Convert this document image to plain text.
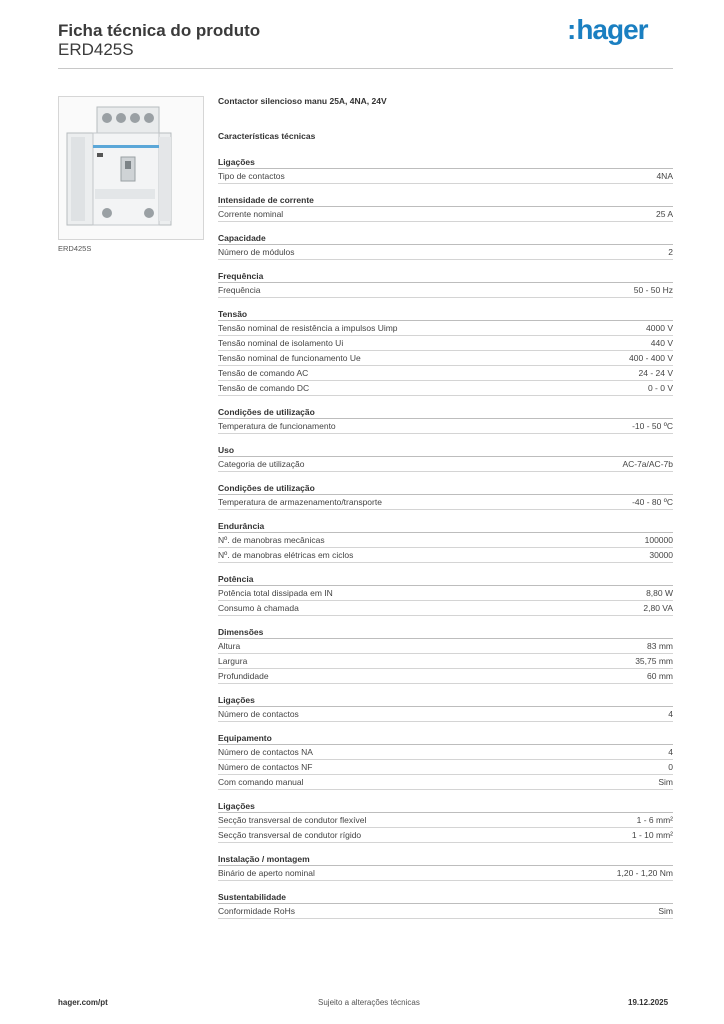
Ficha técnica do produto
ERD425S
:hager
ERD425S
Contactor silencioso manu 25A, 4NA, 24V
Características técnicas
Ligações
Tipo de contactos	4NA
Intensidade de corrente
Corrente nominal	25 A
Capacidade
Número de módulos	2
Frequência
Frequência	50 - 50 Hz
Tensão
Tensão nominal de resistência a impulsos Uimp	4000 V
Tensão nominal de isolamento Ui	440 V
Tensão nominal de funcionamento Ue	400 - 400 V
Tensão de comando AC	24 - 24 V
Tensão de comando DC	0 - 0 V
Condições de utilização
Temperatura de funcionamento	-10 - 50 ºC
Uso
Categoria de utilização	AC-7a/AC-7b
Condições de utilização
Temperatura de armazenamento/transporte	-40 - 80 ºC
Endurância
Nº. de manobras mecânicas	100000
Nº. de manobras elétricas em ciclos	30000
Potência
Potência total dissipada em IN	8,80 W
Consumo à chamada	2,80 VA
Dimensões
Altura	83 mm
Largura	35,75 mm
Profundidade	60 mm
Ligações
Número de contactos	4
Equipamento
Número de contactos NA	4
Número de contactos NF	0
Com comando manual	Sim
Ligações
Secção transversal de condutor flexível	1 - 6 mm²
Secção transversal de condutor rígido	1 - 10 mm²
Instalação / montagem
Binário de aperto nominal	1,20 - 1,20 Nm
Sustentabilidade
Conformidade RoHs	Sim
hager.com/pt	Sujeito a alterações técnicas	19.12.2025
